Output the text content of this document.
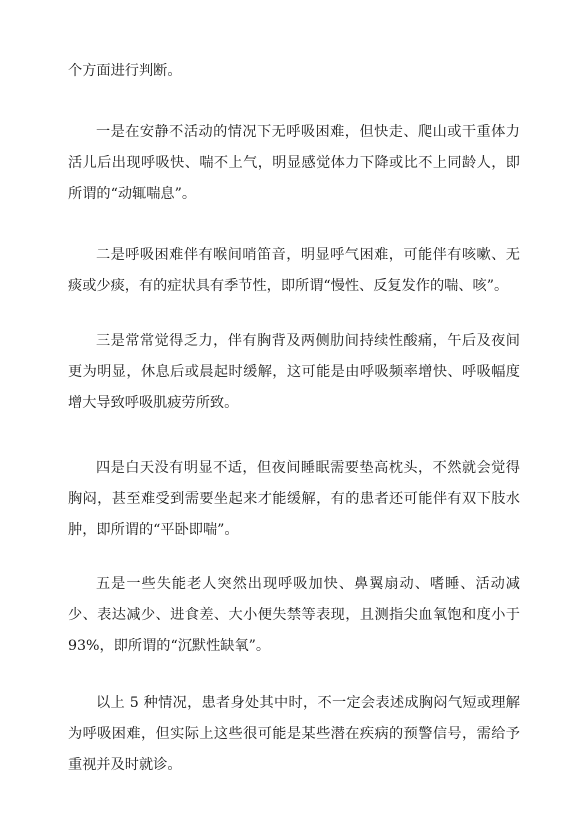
个方面进行判断。

一是在安静不活动的情况下无呼吸困难，但快走、爬山或干重体力活儿后出现呼吸快、喘不上气，明显感觉体力下降或比不上同龄人，即所谓的“动辄喘息”。

二是呼吸困难伴有喉间哨笛音，明显呼气困难，可能伴有咳嗽、无痰或少痰，有的症状具有季节性，即所谓“慢性、反复发作的喘、咳”。

三是常常觉得乏力，伴有胸背及两侧肋间持续性酸痛，午后及夜间更为明显，休息后或晨起时缓解，这可能是由呼吸频率增快、呼吸幅度增大导致呼吸肌疲劳所致。

四是白天没有明显不适，但夜间睡眠需要垫高枕头，不然就会觉得胸闷，甚至难受到需要坐起来才能缓解，有的患者还可能伴有双下肢水肿，即所谓的“平卧即喘”。

五是一些失能老人突然出现呼吸加快、鼻翼扇动、嗜睡、活动减少、表达减少、进食差、大小便失禁等表现，且测指尖血氧饱和度小于 93%，即所谓的“沉默性缺氧”。

以上 5 种情况，患者身处其中时，不一定会表述成胸闷气短或理解为呼吸困难，但实际上这些很可能是某些潜在疾病的预警信号，需给予重视并及时就诊。
